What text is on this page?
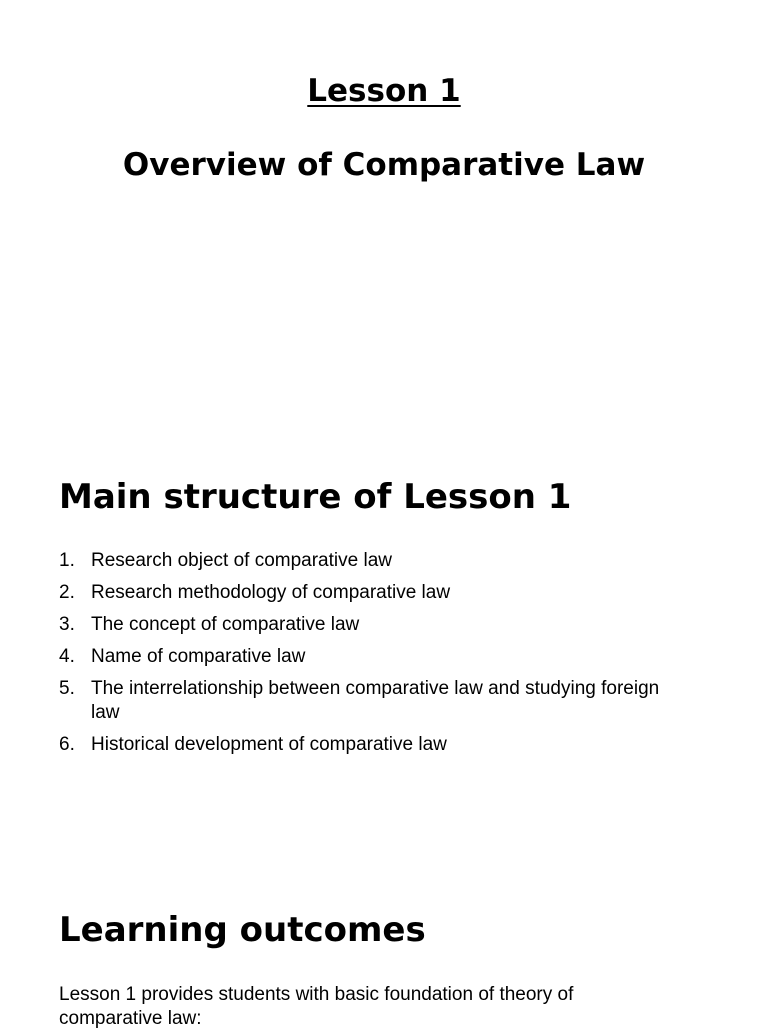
Lesson 1
Overview of Comparative Law
Main structure of Lesson 1
1. Research object of comparative law
2. Research methodology of comparative law
3. The concept of comparative law
4. Name of comparative law
5. The interrelationship between comparative law and studying foreign law
6. Historical development of comparative law
Learning outcomes

Lesson 1 provides students with basic foundation of theory of comparative law:
